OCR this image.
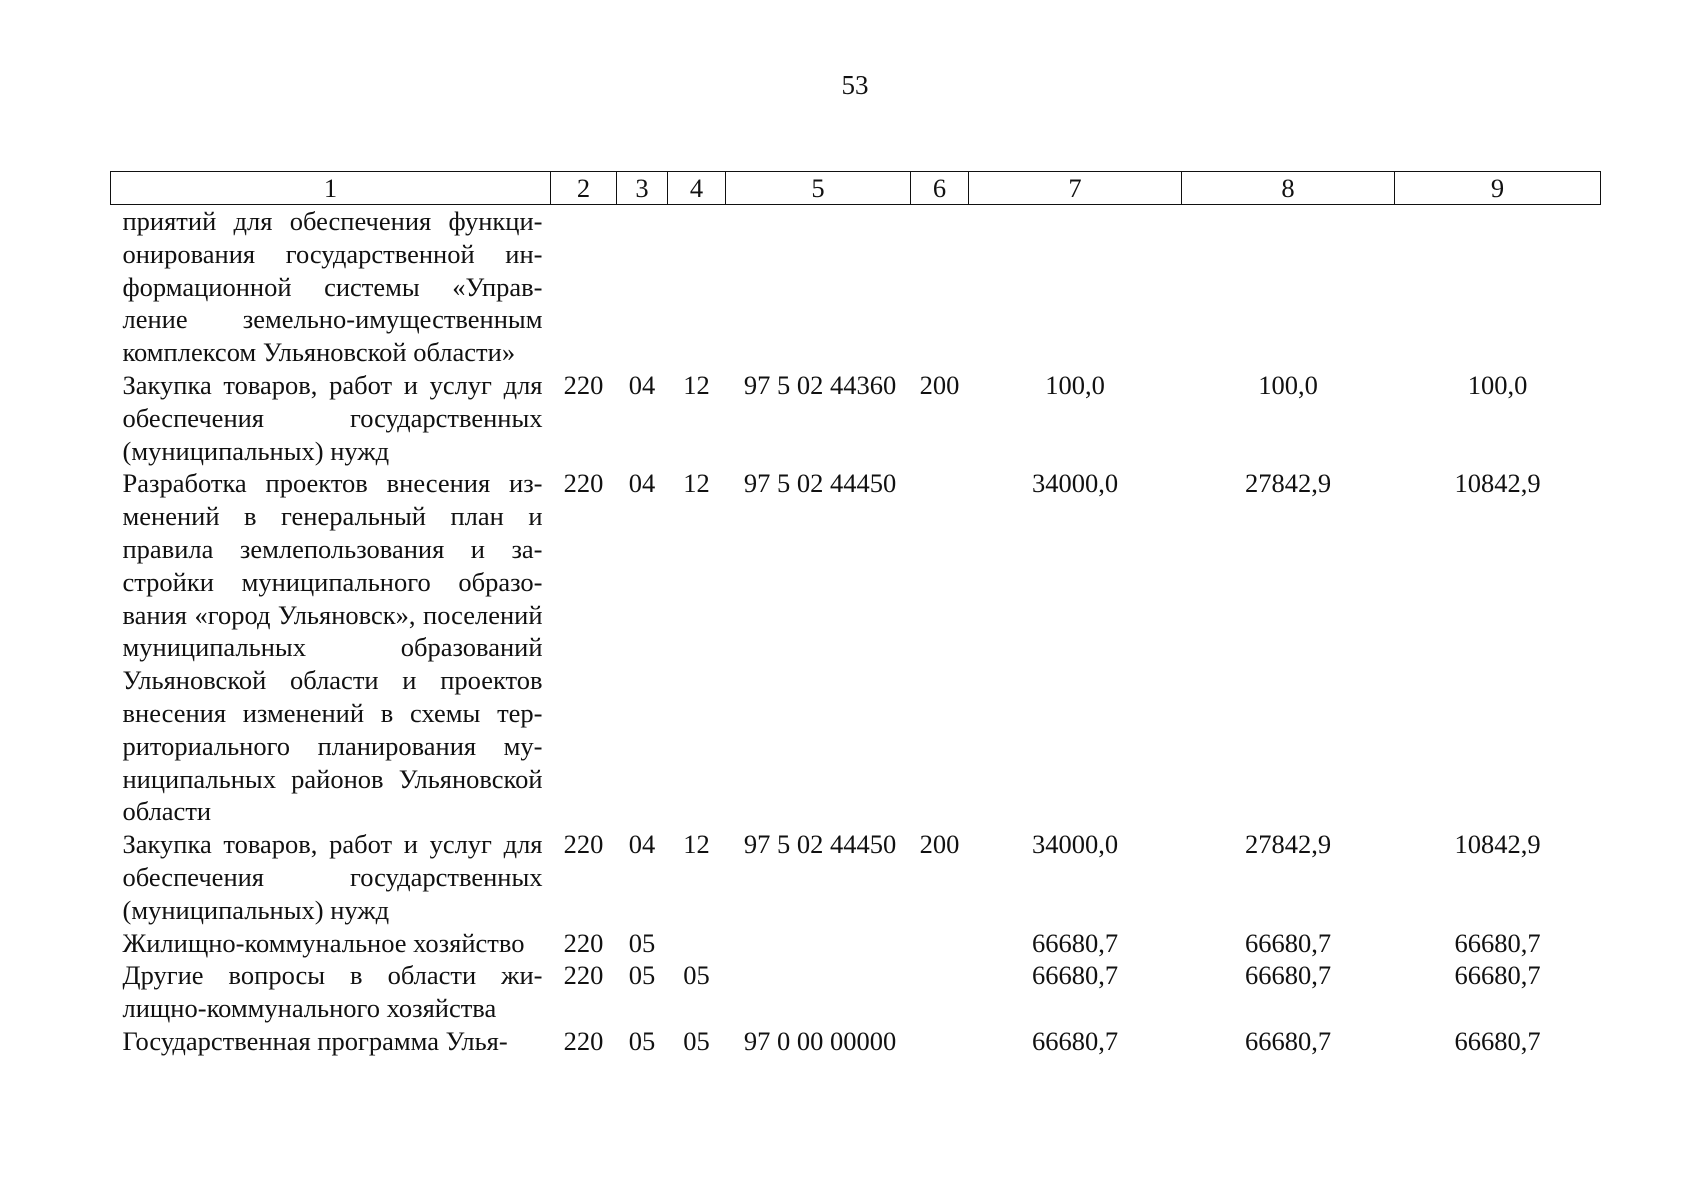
53
1	2	3	4	5	6	7	8	9
приятий для обеспечения функционирования государственной информационной системы «Управление земельно-имущественным комплексом Ульяновской области»								
Закупка товаров, работ и услуг для обеспечения государственных (муниципальных) нужд	220	04	12	97 5 02 44360	200	100,0	100,0	100,0
Разработка проектов внесения изменений в генеральный план и правила землепользования и застройки муниципального образования «город Ульяновск», поселений муниципальных образований Ульяновской области и проектов внесения изменений в схемы территориального планирования муниципальных районов Ульяновской области	220	04	12	97 5 02 44450		34000,0	27842,9	10842,9
Закупка товаров, работ и услуг для обеспечения государственных (муниципальных) нужд	220	04	12	97 5 02 44450	200	34000,0	27842,9	10842,9
Жилищно-коммунальное хозяйство	220	05				66680,7	66680,7	66680,7
Другие вопросы в области жилищно-коммунального хозяйства	220	05	05			66680,7	66680,7	66680,7
Государственная программа Улья-	220	05	05	97 0 00 00000		66680,7	66680,7	66680,7
